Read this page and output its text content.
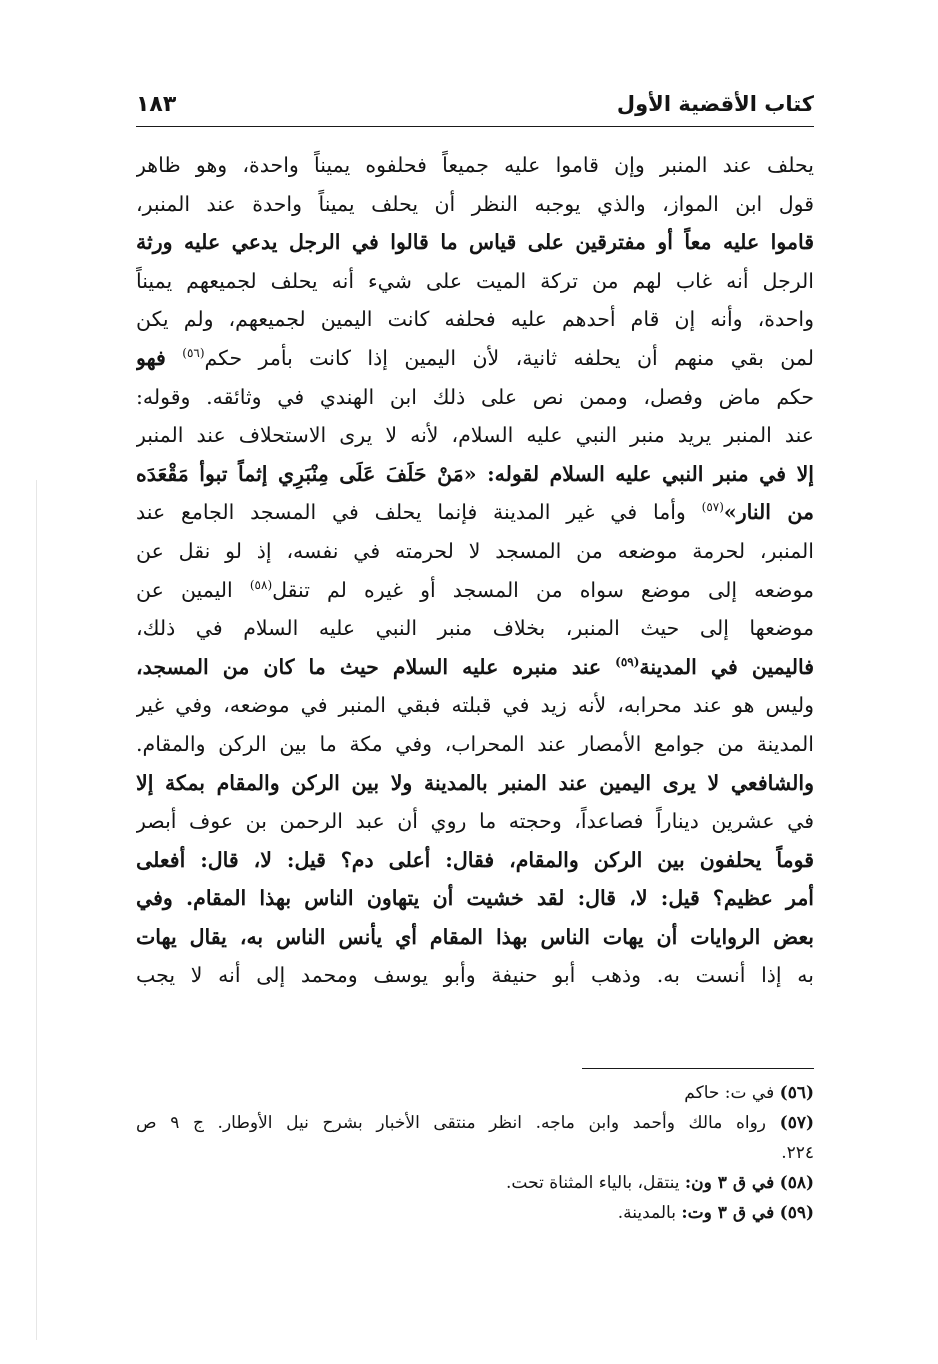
كتاب الأقضية الأول
١٨٣
يحلف عند المنبر وإن قاموا عليه جميعاً فحلفوه يميناً واحدة، وهو ظاهر
قول ابن المواز، والذي يوجبه النظر أن يحلف يميناً واحدة عند المنبر،
قاموا عليه معاً أو مفترقين على قياس ما قالوا في الرجل يدعي عليه ورثة
الرجل أنه غاب لهم من تركة الميت على شيء أنه يحلف لجميعهم يميناً
واحدة، وأنه إن قام أحدهم عليه فحلفه كانت اليمين لجميعهم، ولم يكن
لمن بقي منهم أن يحلفه ثانية، لأن اليمين إذا كانت بأمر حكم$^{(٥٦)}$ فهو
حكم ماض وفصل، وممن نص على ذلك ابن الهندي في وثائقه. وقوله:
عند المنبر يريد منبر النبي عليه السلام، لأنه لا يرى الاستحلاف عند المنبر
إلا في منبر النبي عليه السلام لقوله: «مَنْ حَلَفَ عَلَى مِنْبَرِي إثماً تبوأ مَقْعَدَه
من النار»$^{(٥٧)}$ وأما في غير المدينة فإنما يحلف في المسجد الجامع عند
المنبر، لحرمة موضعه من المسجد لا لحرمته في نفسه، إذ لو نقل عن
موضعه إلى موضع سواه من المسجد أو غيره لم تنقل$^{(٥٨)}$ اليمين عن
موضعها إلى حيث المنبر، بخلاف منبر النبي عليه السلام في ذلك،
فاليمين في المدينة$^{(٥٩)}$ عند منبره عليه السلام حيث ما كان من المسجد،
وليس هو عند محرابه، لأنه زيد في قبلته فبقي المنبر في موضعه، وفي غير
المدينة من جوامع الأمصار عند المحراب، وفي مكة ما بين الركن والمقام.
والشافعي لا يرى اليمين عند المنبر بالمدينة ولا بين الركن والمقام بمكة إلا
في عشرين ديناراً فصاعداً، وحجته ما روي أن عبد الرحمن بن عوف أبصر
قوماً يحلفون بين الركن والمقام، فقال: أعلى دم؟ قيل: لا، قال: أفعلى
أمر عظيم؟ قيل: لا، قال: لقد خشيت أن يتهاون الناس بهذا المقام. وفي
بعض الروايات أن يهات الناس بهذا المقام أي يأنس الناس به، يقال يهات
به إذا أنست به. وذهب أبو حنيفة وأبو يوسف ومحمد إلى أنه لا يجب
(٥٦) في ت: حاكم
(٥٧) رواه مالك وأحمد وابن ماجه. انظر منتقى الأخبار بشرح نيل الأوطار. ج ٩ ص
٢٢٤.
(٥٨) في ق ٣ ون: ينتقل، بالياء المثناة تحت.
(٥٩) في ق ٣ وت: بالمدينة.
